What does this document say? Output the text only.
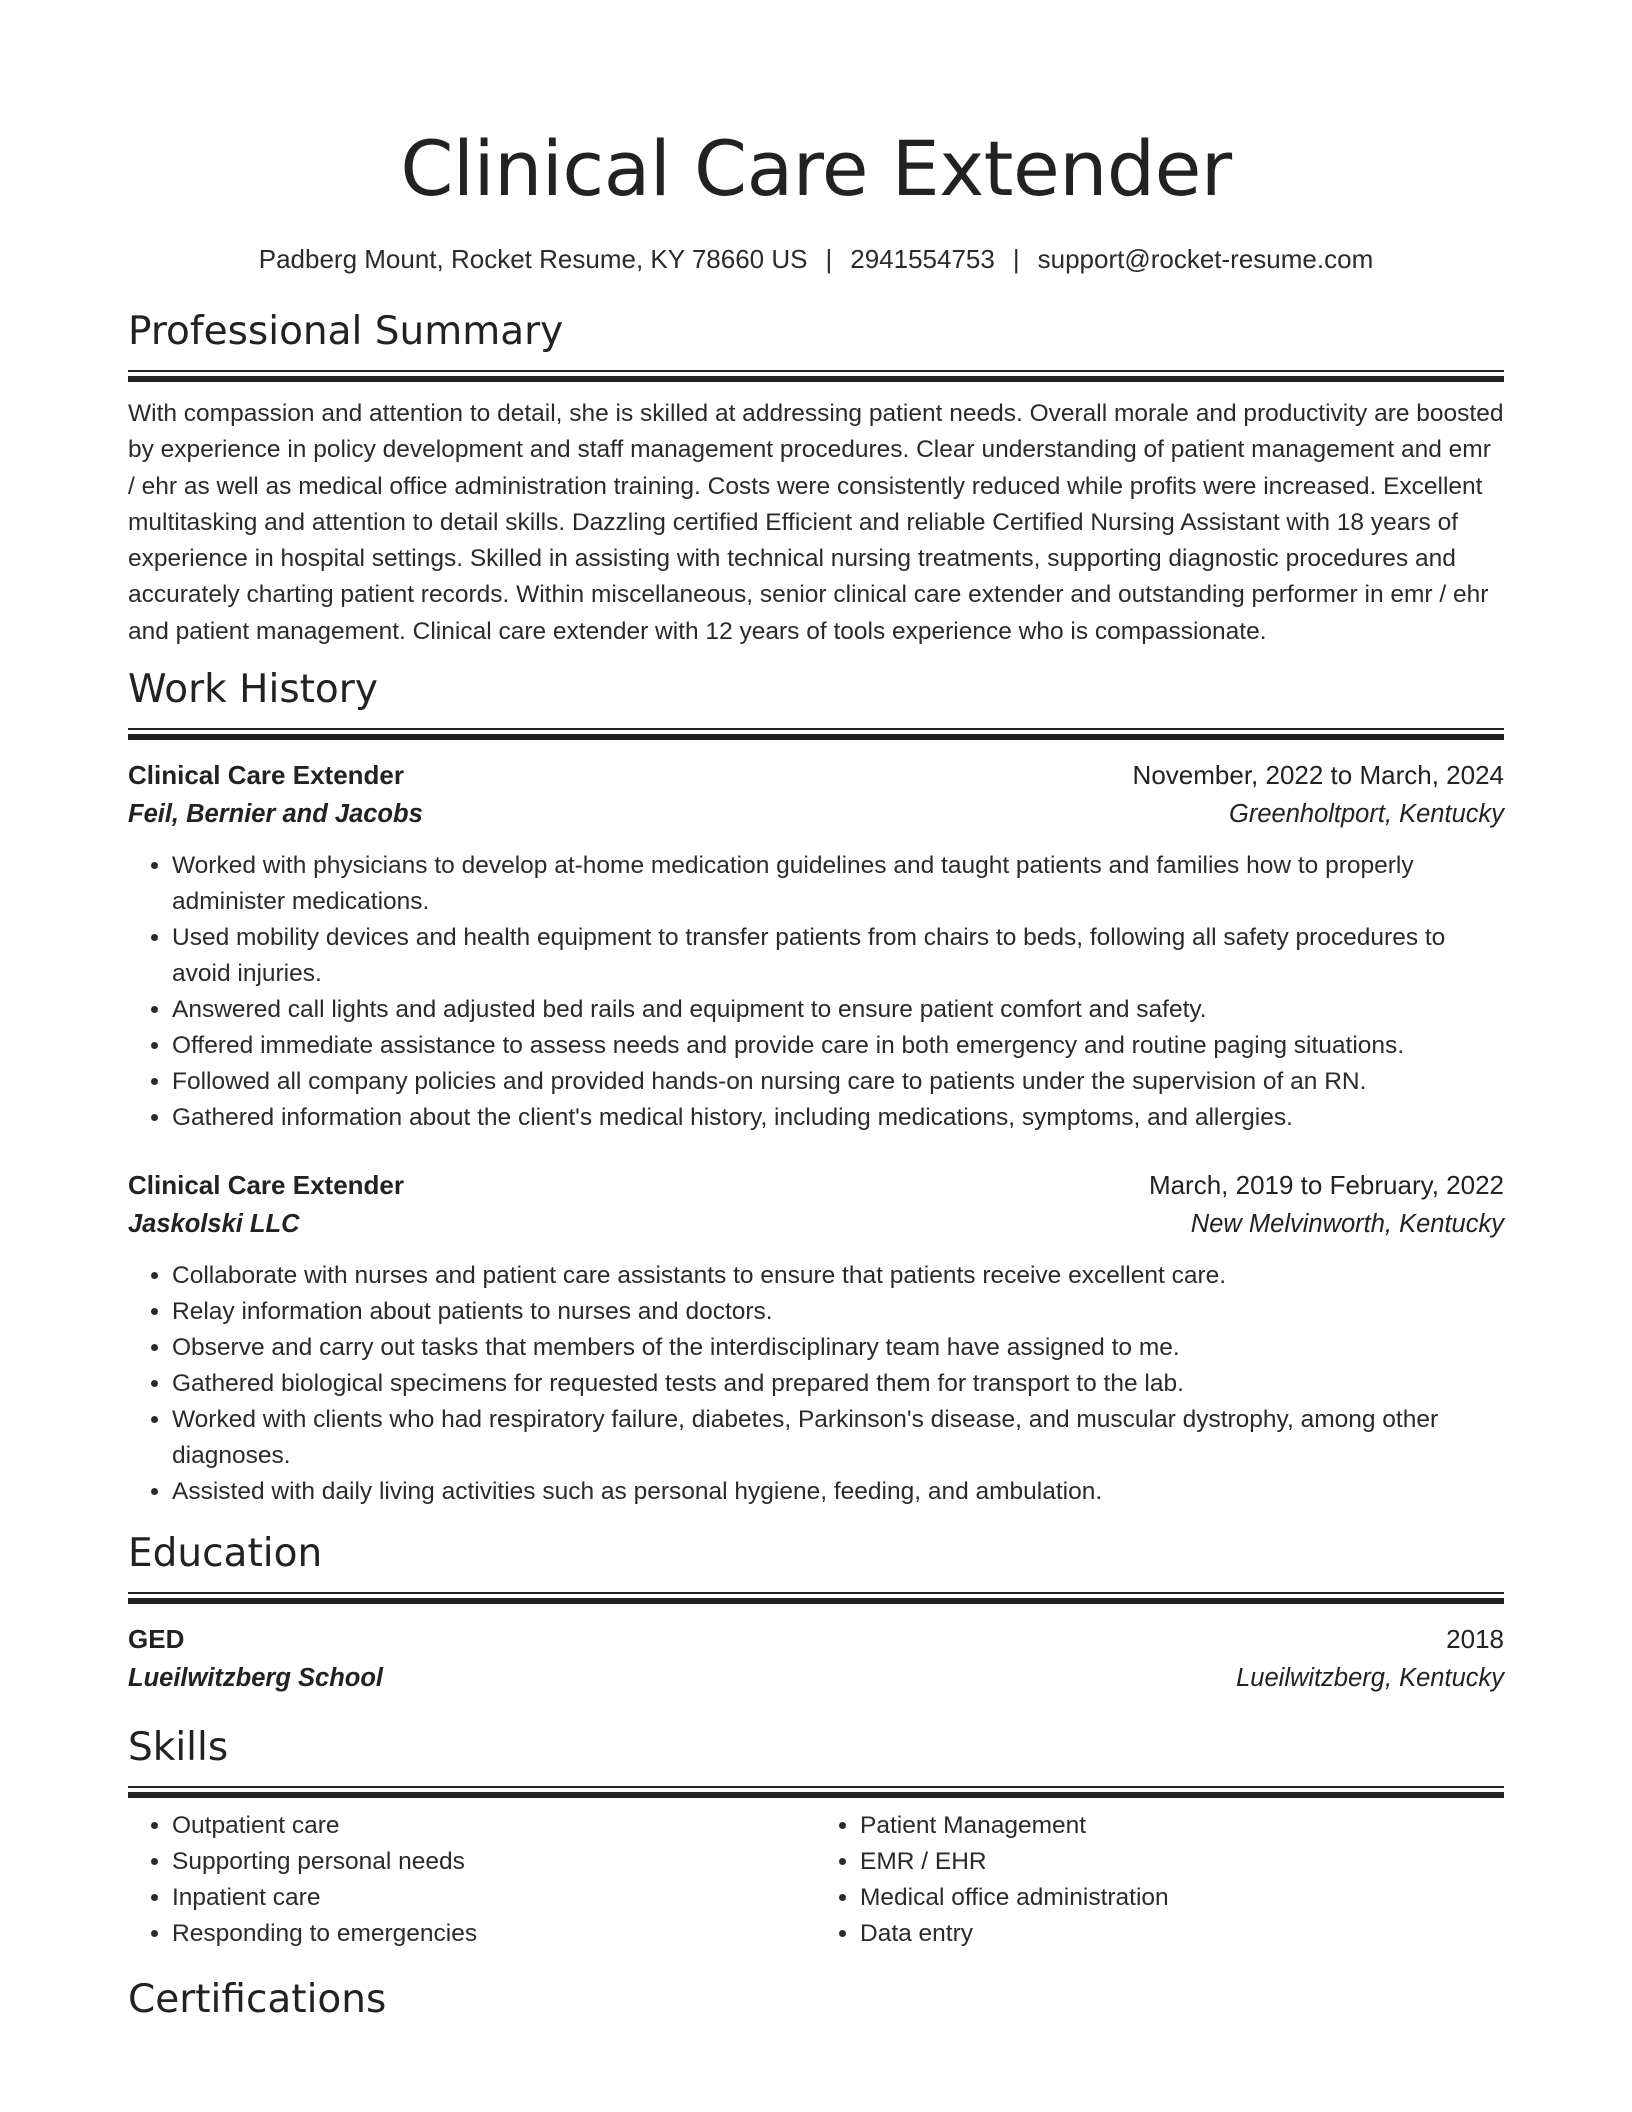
Clinical Care Extender
Padberg Mount, Rocket Resume, KY 78660 US | 2941554753 | support@rocket-resume.com
Professional Summary

With compassion and attention to detail, she is skilled at addressing patient needs. Overall morale and productivity are boosted by experience in policy development and staff management procedures. Clear understanding of patient management and emr / ehr as well as medical office administration training. Costs were consistently reduced while profits were increased. Excellent multitasking and attention to detail skills. Dazzling certified Efficient and reliable Certified Nursing Assistant with 18 years of experience in hospital settings. Skilled in assisting with technical nursing treatments, supporting diagnostic procedures and accurately charting patient records. Within miscellaneous, senior clinical care extender and outstanding performer in emr / ehr and patient management. Clinical care extender with 12 years of tools experience who is compassionate.

Work History
Clinical Care Extender	November, 2022 to March, 2024
Feil, Bernier and Jacobs	Greenholtport, Kentucky
• Worked with physicians to develop at-home medication guidelines and taught patients and families how to properly administer medications.
• Used mobility devices and health equipment to transfer patients from chairs to beds, following all safety procedures to avoid injuries.
• Answered call lights and adjusted bed rails and equipment to ensure patient comfort and safety.
• Offered immediate assistance to assess needs and provide care in both emergency and routine paging situations.
• Followed all company policies and provided hands-on nursing care to patients under the supervision of an RN.
• Gathered information about the client's medical history, including medications, symptoms, and allergies.
Clinical Care Extender	March, 2019 to February, 2022
Jaskolski LLC	New Melvinworth, Kentucky
• Collaborate with nurses and patient care assistants to ensure that patients receive excellent care.
• Relay information about patients to nurses and doctors.
• Observe and carry out tasks that members of the interdisciplinary team have assigned to me.
• Gathered biological specimens for requested tests and prepared them for transport to the lab.
• Worked with clients who had respiratory failure, diabetes, Parkinson's disease, and muscular dystrophy, among other diagnoses.
• Assisted with daily living activities such as personal hygiene, feeding, and ambulation.
Education
GED	2018
Lueilwitzberg School	Lueilwitzberg, Kentucky
Skills
• Outpatient care
• Supporting personal needs
• Inpatient care
• Responding to emergencies
• Patient Management
• EMR / EHR
• Medical office administration
• Data entry
Certifications
